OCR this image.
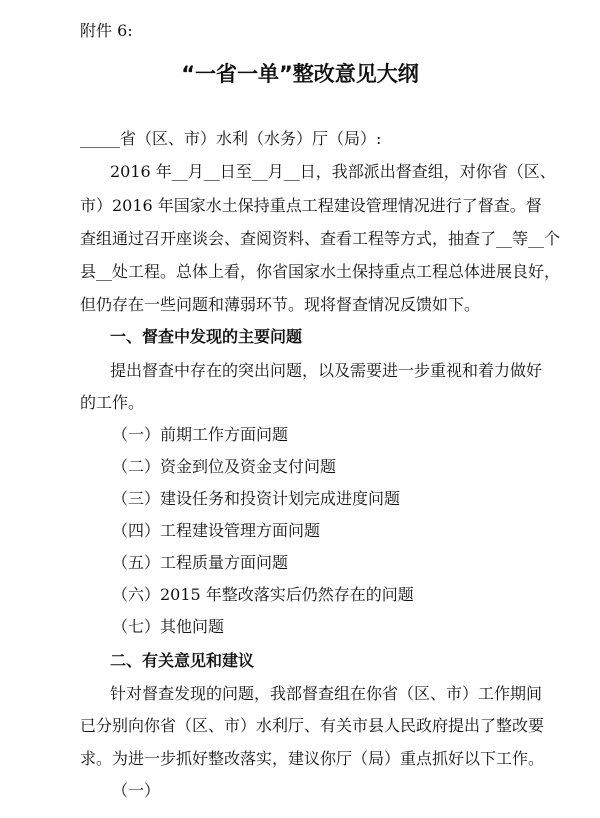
附件 6:
“一省一单”整改意见大纲
_____省（区、市）水利（水务）厅（局）:
2016 年__月__日至__月__日，我部派出督查组，对你省（区、
市）2016 年国家水土保持重点工程建设管理情况进行了督查。督
查组通过召开座谈会、查阅资料、查看工程等方式，抽查了__等__个
县__处工程。总体上看，你省国家水土保持重点工程总体进展良好，
但仍存在一些问题和薄弱环节。现将督查情况反馈如下。
一、督查中发现的主要问题
提出督查中存在的突出问题，以及需要进一步重视和着力做好
的工作。
（一）前期工作方面问题
（二）资金到位及资金支付问题
（三）建设任务和投资计划完成进度问题
（四）工程建设管理方面问题
（五）工程质量方面问题
（六）2015 年整改落实后仍然存在的问题
（七）其他问题
二、有关意见和建议
针对督查发现的问题，我部督查组在你省（区、市）工作期间
已分别向你省（区、市）水利厅、有关市县人民政府提出了整改要
求。为进一步抓好整改落实，建议你厅（局）重点抓好以下工作。
（一）
